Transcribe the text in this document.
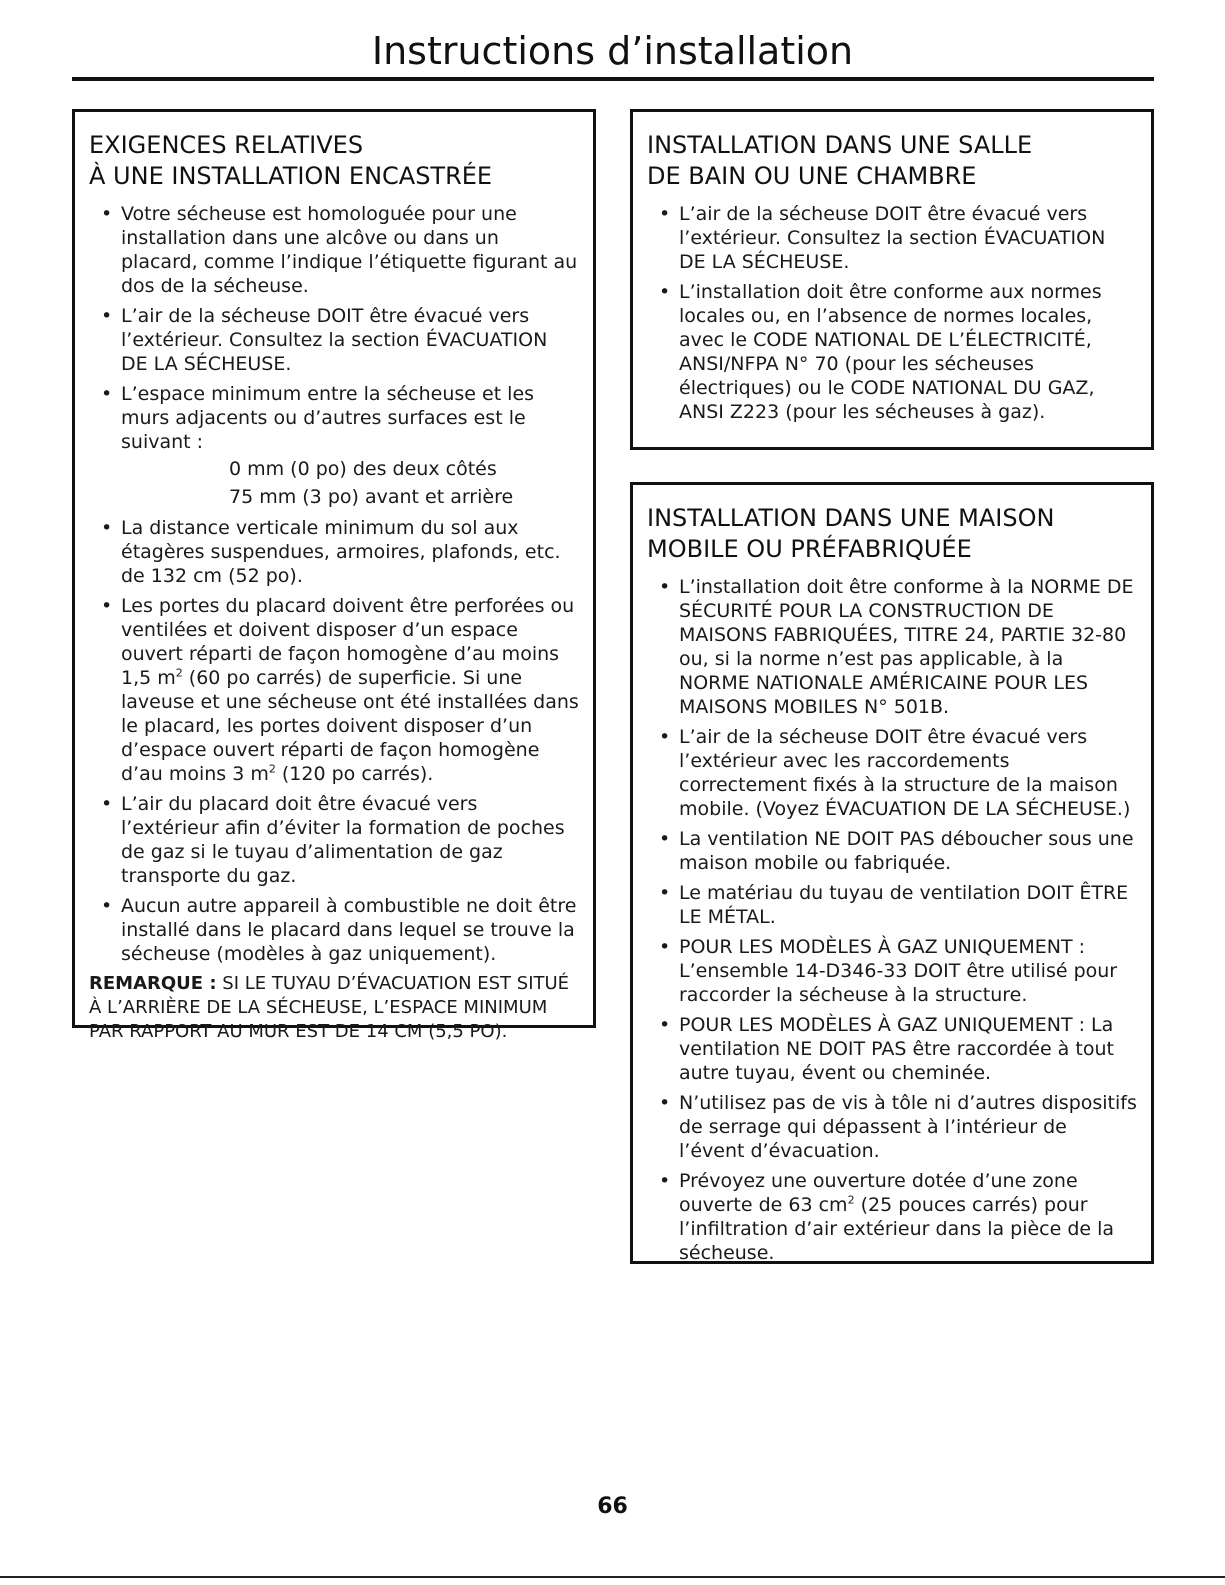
Instructions d’installation
EXIGENCES RELATIVES
À UNE INSTALLATION ENCASTRÉE
• Votre sécheuse est homologuée pour une installation dans une alcôve ou dans un placard, comme l’indique l’étiquette figurant au dos de la sécheuse.
• L’air de la sécheuse DOIT être évacué vers l’extérieur. Consultez la section ÉVACUATION DE LA SÉCHEUSE.
• L’espace minimum entre la sécheuse et les murs adjacents ou d’autres surfaces est le suivant :
0 mm (0 po) des deux côtés
75 mm (3 po) avant et arrière
• La distance verticale minimum du sol aux étagères suspendues, armoires, plafonds, etc. de 132 cm (52 po).
• Les portes du placard doivent être perforées ou ventilées et doivent disposer d’un espace ouvert réparti de façon homogène d’au moins 1,5 $m^2$ (60 po carrés) de superficie. Si une laveuse et une sécheuse ont été installées dans le placard, les portes doivent disposer d’un d’espace ouvert réparti de façon homogène d’au moins 3 $m^2$ (120 po carrés).
• L’air du placard doit être évacué vers l’extérieur afin d’éviter la formation de poches de gaz si le tuyau d’alimentation de gaz transporte du gaz.
• Aucun autre appareil à combustible ne doit être installé dans le placard dans lequel se trouve la sécheuse (modèles à gaz uniquement).
REMARQUE : SI LE TUYAU D’ÉVACUATION EST SITUÉ À L’ARRIÈRE DE LA SÉCHEUSE, L’ESPACE MINIMUM PAR RAPPORT AU MUR EST DE 14 CM (5,5 PO).
INSTALLATION DANS UNE SALLE
DE BAIN OU UNE CHAMBRE
• L’air de la sécheuse DOIT être évacué vers l’extérieur. Consultez la section ÉVACUATION DE LA SÉCHEUSE.
• L’installation doit être conforme aux normes locales ou, en l’absence de normes locales, avec le CODE NATIONAL DE L’ÉLECTRICITÉ, ANSI/NFPA N° 70 (pour les sécheuses électriques) ou le CODE NATIONAL DU GAZ, ANSI Z223 (pour les sécheuses à gaz).
INSTALLATION DANS UNE MAISON
MOBILE OU PRÉFABRIQUÉE
• L’installation doit être conforme à la NORME DE SÉCURITÉ POUR LA CONSTRUCTION DE MAISONS FABRIQUÉES, TITRE 24, PARTIE 32-80 ou, si la norme n’est pas applicable, à la NORME NATIONALE AMÉRICAINE POUR LES MAISONS MOBILES N° 501B.
• L’air de la sécheuse DOIT être évacué vers l’extérieur avec les raccordements correctement fixés à la structure de la maison mobile. (Voyez ÉVACUATION DE LA SÉCHEUSE.)
• La ventilation NE DOIT PAS déboucher sous une maison mobile ou fabriquée.
• Le matériau du tuyau de ventilation DOIT ÊTRE LE MÉTAL.
• POUR LES MODÈLES À GAZ UNIQUEMENT : L’ensemble 14-D346-33 DOIT être utilisé pour raccorder la sécheuse à la structure.
• POUR LES MODÈLES À GAZ UNIQUEMENT : La ventilation NE DOIT PAS être raccordée à tout autre tuyau, évent ou cheminée.
• N’utilisez pas de vis à tôle ni d’autres dispositifs de serrage qui dépassent à l’intérieur de l’évent d’évacuation.
• Prévoyez une ouverture dotée d’une zone ouverte de 63 $cm^2$ (25 pouces carrés) pour l’infiltration d’air extérieur dans la pièce de la sécheuse.
66
